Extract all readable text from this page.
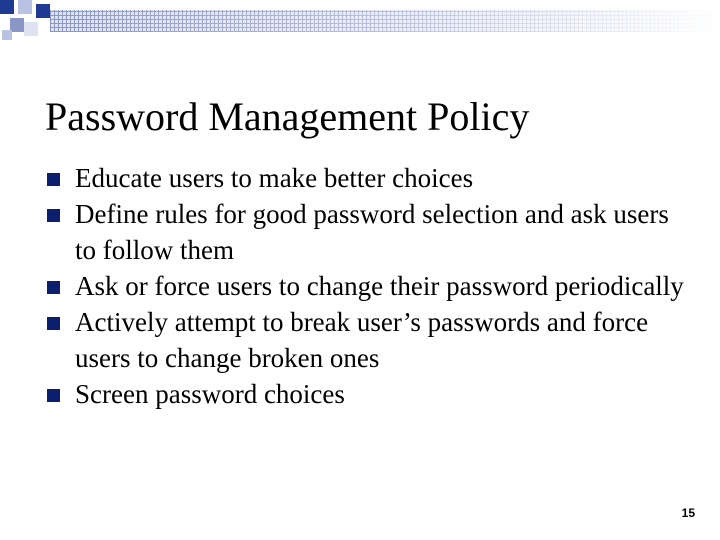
Password Management Policy
Educate users to make better choices
Define rules for good password selection and ask users to follow them
Ask or force users to change their password periodically
Actively attempt to break user’s passwords and force users to change broken ones
Screen password choices
15
